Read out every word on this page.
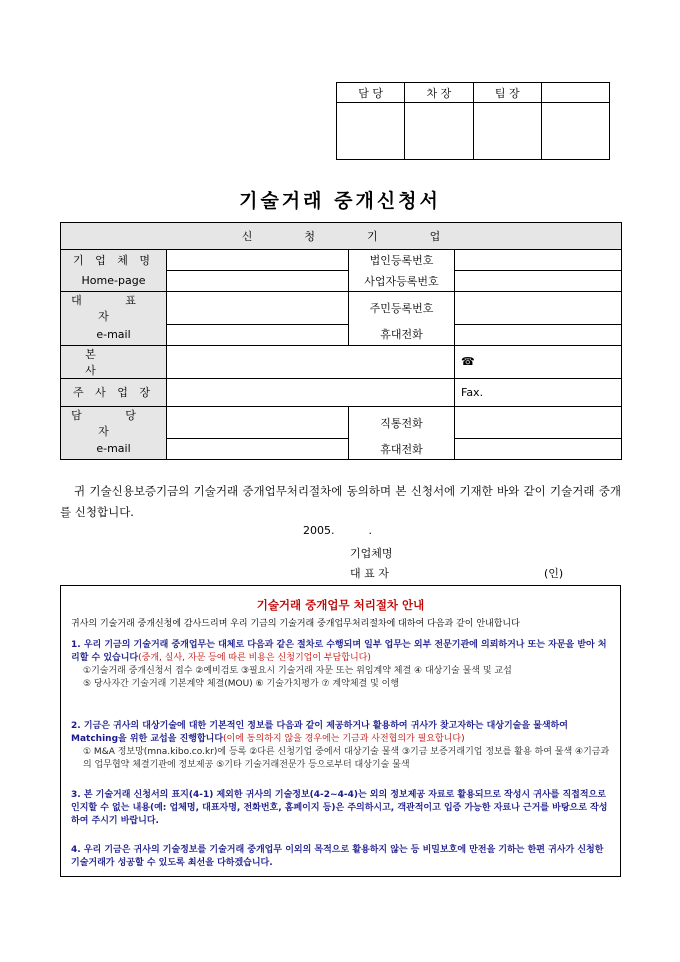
담 당	차 장	팀 장	

기술거래 중개신청서
신청기업			
기 업 체 명		법인등록번호	
Home-page		사업자등록번호	
대 표 자		주민등록번호	
e-mail		휴대전화	
본 사			☎
주 사 업 장			Fax.
담 당 자		직통전화	
e-mail		휴대전화	
귀 기술신용보증기금의 기술거래 중개업무처리절차에 동의하며 본 신청서에 기재한 바와 같이 기술거래 중개를 신청합니다.
2005.	.
기업체명
대 표 자	(인)
기술거래 중개업무 처리절차 안내
귀사의 기술거래 중개신청에 감사드리며 우리 기금의 기술거래 중개업무처리절차에 대하여 다음과 같이 안내합니다
1. 우리 기금의 기술거래 중개업무는 대체로 다음과 같은 절차로 수행되며 일부 업무는 외부 전문기관에 의뢰하거나 또는 자문을 받아 처리할 수 있습니다(중개, 실사, 자문 등에 따른 비용은 신청기업이 부담합니다)
①기술거래 중개신청서 접수 ②예비검토 ③필요시 기술거래 자문 또는 위임계약 체결 ④ 대상기술 물색 및 교섭
⑤ 당사자간 기술거래 기본계약 체결(MOU) ⑥ 기술가치평가 ⑦ 계약체결 및 이행
2. 기금은 귀사의 대상기술에 대한 기본적인 정보를 다음과 같이 제공하거나 활용하여 귀사가 찾고자하는 대상기술을 물색하여 Matching을 위한 교섭을 진행합니다(이에 동의하지 않을 경우에는 기금과 사전협의가 필요합니다)
① M&A 정보망(mna.kibo.co.kr)에 등록 ②다른 신청기업 중에서 대상기술 물색 ③기금 보증거래기업 정보를 활용 하여 물색 ④기금과의 업무협약 체결기관에 정보제공 ⑤기타 기술거래전문가 등으로부터 대상기술 물색
3. 본 기술거래 신청서의 표지(4-1) 제외한 귀사의 기술정보(4-2~4-4)는 외의 정보제공 자료로 활용되므로 작성시 귀사를 직접적으로 인지할 수 없는 내용(예: 업체명, 대표자명, 전화번호, 홈페이지 등)은 주의하시고, 객관적이고 입증 가능한 자료나 근거를 바탕으로 작성하여 주시기 바랍니다.
4. 우리 기금은 귀사의 기술정보를 기술거래 중개업무 이외의 목적으로 활용하지 않는 등 비밀보호에 만전을 기하는 한편 귀사가 신청한 기술거래가 성공할 수 있도록 최선을 다하겠습니다.
